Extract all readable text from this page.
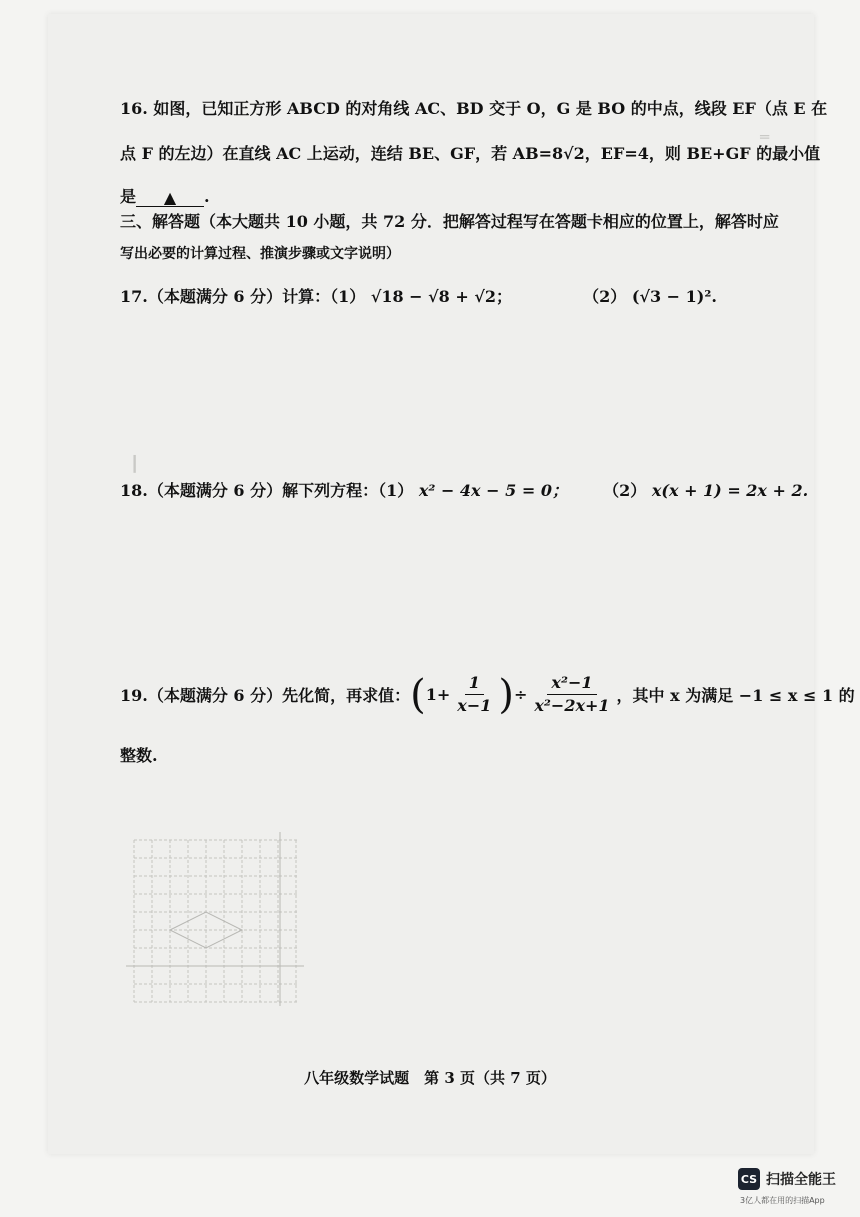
═
┃
16. 如图，已知正方形 ABCD 的对角线 AC、BD 交于 O，G 是 BO 的中点，线段 EF（点 E 在
点 F 的左边）在直线 AC 上运动，连结 BE、GF，若 AB=8√2，EF=4，则 BE+GF 的最小值
是 ▲ .
三、解答题（本大题共 10 小题，共 72 分．把解答过程写在答题卡相应的位置上，解答时应
写出必要的计算过程、推演步骤或文字说明）
17.（本题满分 6 分）计算：（1） √18 − √8 + √2；	（2） (√3 − 1)².
18.（本题满分 6 分）解下列方程：（1） x² − 4x − 5 = 0； （2） x(x + 1) = 2x + 2.
19.（本题满分 6 分）先化简，再求值： ( $1+ \frac{1}{x-1}$ ) ÷ $\frac{\text{x²−1}}{\text{x²−2x+1}}$ ，其中 x 为满足 −1 ≤ x ≤ 1 的
整数.
八年级数学试题　第 3 页（共 7 页）
CS 扫描全能王
3亿人都在用的扫描App
